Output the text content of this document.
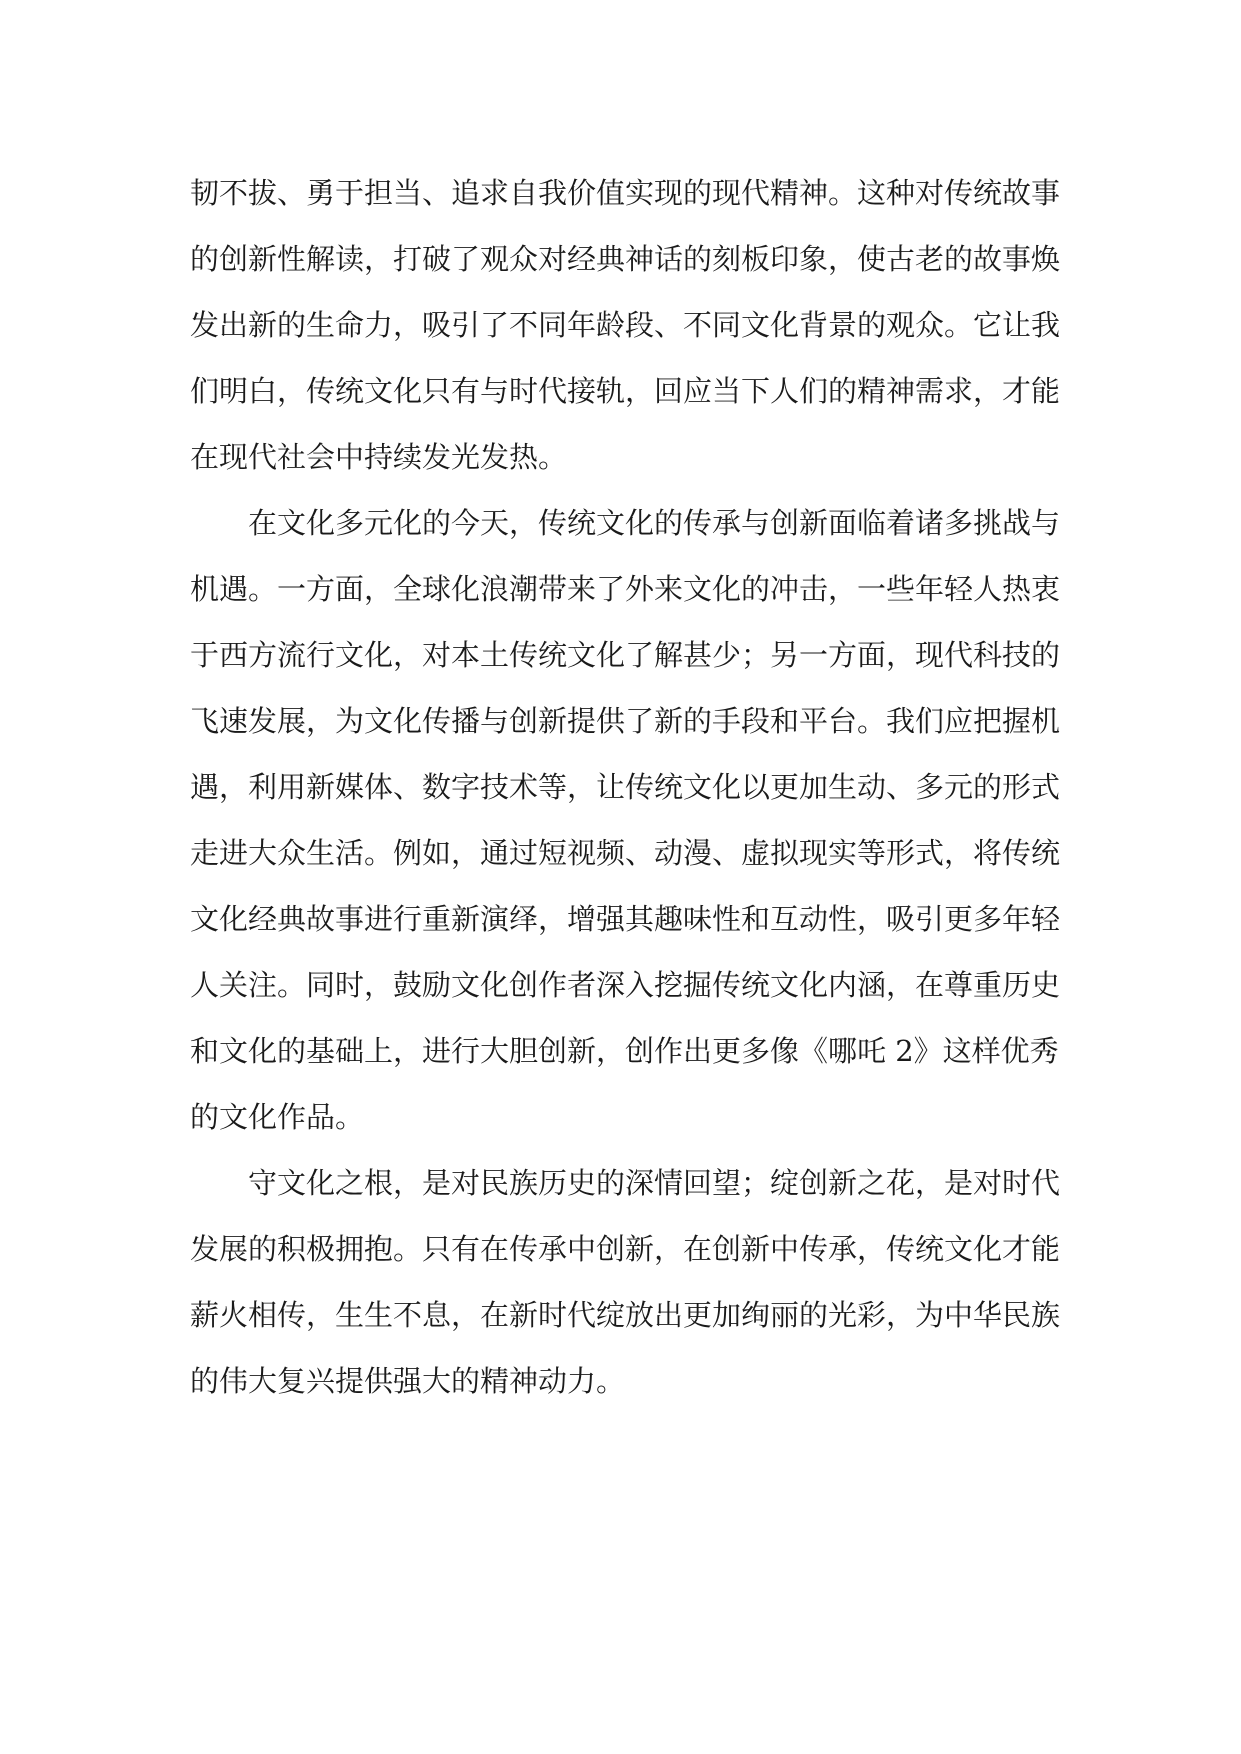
韧不拔、勇于担当、追求自我价值实现的现代精神。这种对传统故事
的创新性解读，打破了观众对经典神话的刻板印象，使古老的故事焕
发出新的生命力，吸引了不同年龄段、不同文化背景的观众。它让我
们明白，传统文化只有与时代接轨，回应当下人们的精神需求，才能
在现代社会中持续发光发热。
　　在文化多元化的今天，传统文化的传承与创新面临着诸多挑战与
机遇。一方面，全球化浪潮带来了外来文化的冲击，一些年轻人热衷
于西方流行文化，对本土传统文化了解甚少；另一方面，现代科技的
飞速发展，为文化传播与创新提供了新的手段和平台。我们应把握机
遇，利用新媒体、数字技术等，让传统文化以更加生动、多元的形式
走进大众生活。例如，通过短视频、动漫、虚拟现实等形式，将传统
文化经典故事进行重新演绎，增强其趣味性和互动性，吸引更多年轻
人关注。同时，鼓励文化创作者深入挖掘传统文化内涵，在尊重历史
和文化的基础上，进行大胆创新，创作出更多像《哪吒 2》这样优秀
的文化作品。
　　守文化之根，是对民族历史的深情回望；绽创新之花，是对时代
发展的积极拥抱。只有在传承中创新，在创新中传承，传统文化才能
薪火相传，生生不息，在新时代绽放出更加绚丽的光彩，为中华民族
的伟大复兴提供强大的精神动力。
